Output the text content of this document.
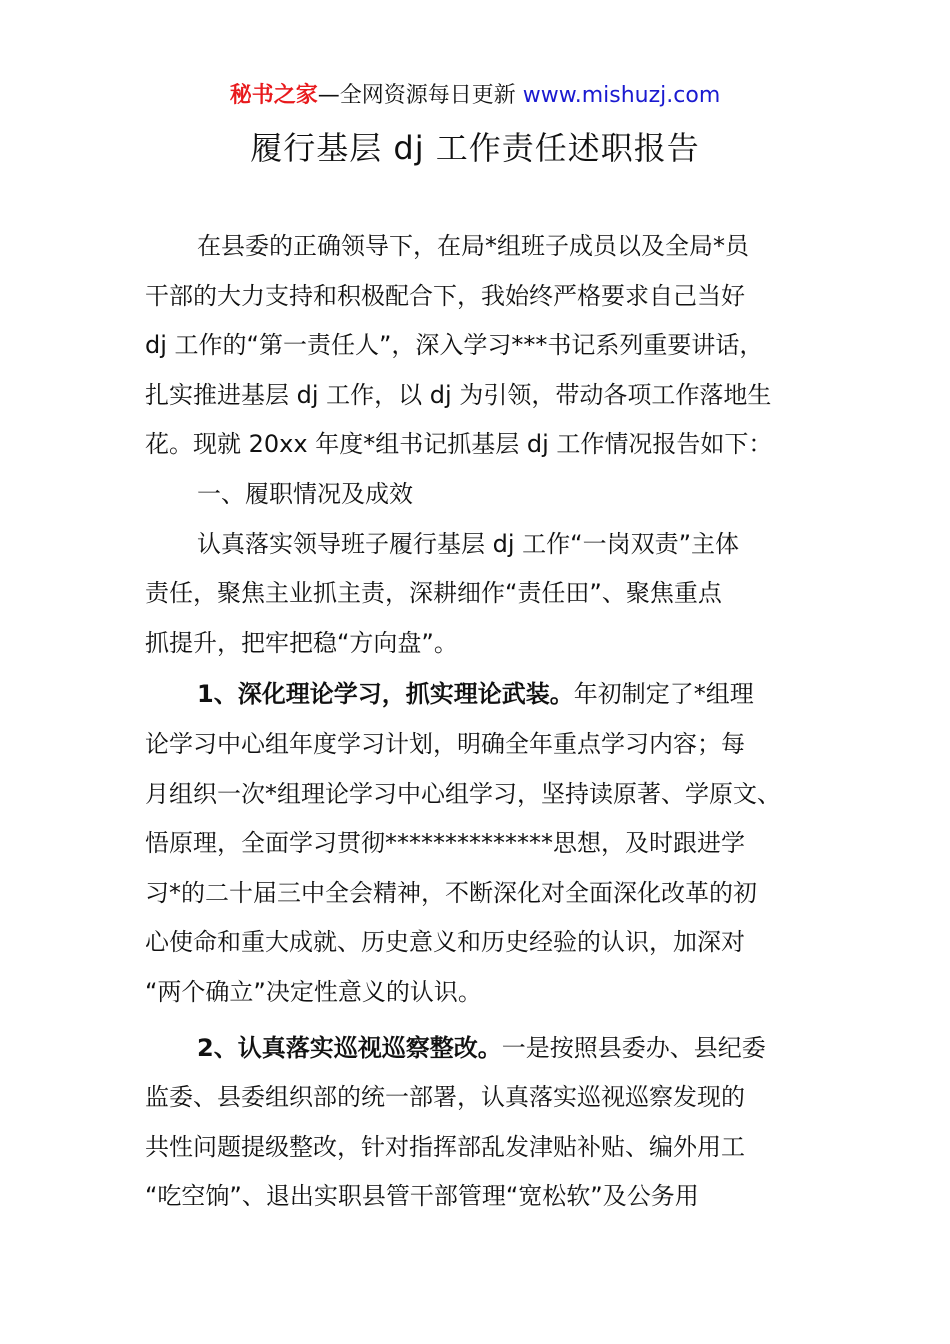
秘书之家—全网资源每日更新 www.mishuzj.com
履行基层 dj 工作责任述职报告
在县委的正确领导下，在局*组班子成员以及全局*员
干部的大力支持和积极配合下，我始终严格要求自己当好
dj 工作的“第一责任人”，深入学习***书记系列重要讲话，
扎实推进基层 dj 工作，以 dj 为引领，带动各项工作落地生
花。现就 20xx 年度*组书记抓基层 dj 工作情况报告如下：
一、履职情况及成效
认真落实领导班子履行基层 dj 工作“一岗双责”主体
责任，聚焦主业抓主责，深耕细作“责任田”、聚焦重点
抓提升，把牢把稳“方向盘”。
1、深化理论学习，抓实理论武装。年初制定了*组理
论学习中心组年度学习计划，明确全年重点学习内容；每
月组织一次*组理论学习中心组学习，坚持读原著、学原文、
悟原理，全面学习贯彻**************思想，及时跟进学
习*的二十届三中全会精神，不断深化对全面深化改革的初
心使命和重大成就、历史意义和历史经验的认识，加深对
“两个确立”决定性意义的认识。
2、认真落实巡视巡察整改。一是按照县委办、县纪委
监委、县委组织部的统一部署，认真落实巡视巡察发现的
共性问题提级整改，针对指挥部乱发津贴补贴、编外用工
“吃空饷”、退出实职县管干部管理“宽松软”及公务用
